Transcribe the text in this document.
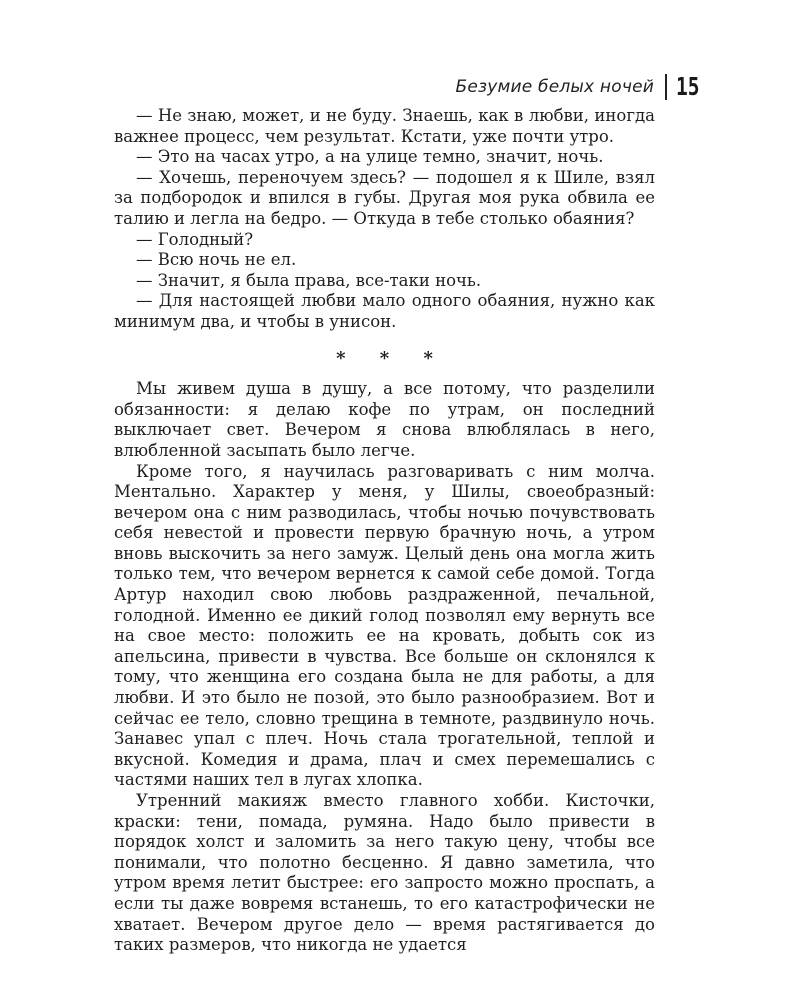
Безумие белых ночей 15

— Не знаю, может, и не буду. Знаешь, как в любви, иногда важнее процесс, чем результат. Кстати, уже почти утро.

— Это на часах утро, а на улице темно, значит, ночь.

— Хочешь, переночуем здесь? — подошел я к Шиле, взял за подбородок и впился в губы. Другая моя рука обвила ее талию и легла на бедро. — Откуда в тебе столько обаяния?

— Голодный?

— Всю ночь не ел.

— Значит, я была права, все-таки ночь.

— Для настоящей любви мало одного обаяния, нужно как минимум два, и чтобы в унисон.

* * *

Мы живем душа в душу, а все потому, что разделили обязанности: я делаю кофе по утрам, он последний выключает свет. Вечером я снова влюблялась в него, влюбленной засыпать было легче.

Кроме того, я научилась разговаривать с ним молча. Ментально. Характер у меня, у Шилы, своеобразный: вечером она с ним разводилась, чтобы ночью почувствовать себя невестой и провести первую брачную ночь, а утром вновь выскочить за него замуж. Целый день она могла жить только тем, что вечером вернется к самой себе домой. Тогда Артур находил свою любовь раздраженной, печальной, голодной. Именно ее дикий голод позволял ему вернуть все на свое место: положить ее на кровать, добыть сок из апельсина, привести в чувства. Все больше он склонялся к тому, что женщина его создана была не для работы, а для любви. И это было не позой, это было разнообразием. Вот и сейчас ее тело, словно трещина в темноте, раздвинуло ночь. Занавес упал с плеч. Ночь стала трогательной, теплой и вкусной. Комедия и драма, плач и смех перемешались с частями наших тел в лугах хлопка.

Утренний макияж вместо главного хобби. Кисточки, краски: тени, помада, румяна. Надо было привести в порядок холст и заломить за него такую цену, чтобы все понимали, что полотно бесценно. Я давно заметила, что утром время летит быстрее: его запросто можно проспать, а если ты даже вовремя встанешь, то его катастрофически не хватает. Вечером другое дело — время растягивается до таких размеров, что никогда не удается
